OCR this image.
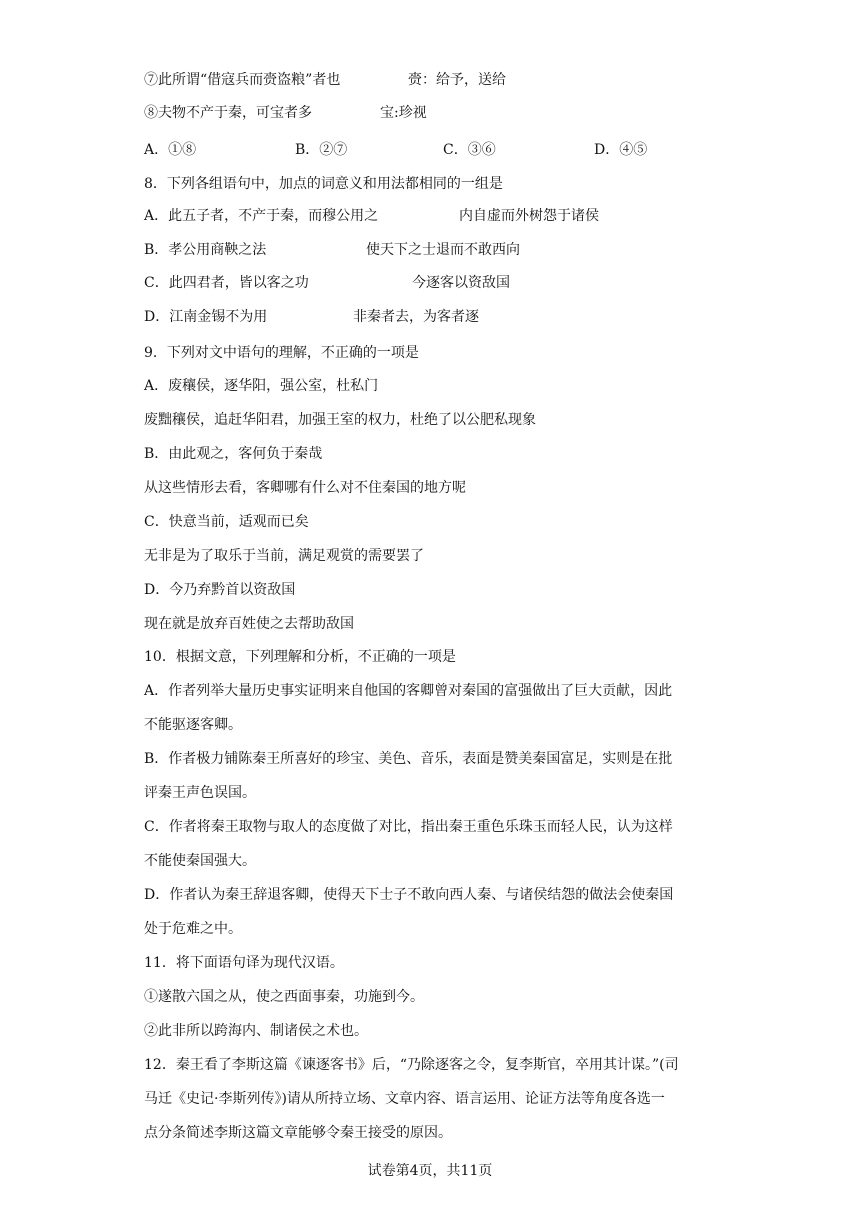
⑦此所谓“借寇兵而赍盗粮”者也	赍：给予，送给
⑧夫物不产于秦，可宝者多	宝:珍视
A．①⑧	B．②⑦	C．③⑥	D．④⑤
8．下列各组语句中，加点的词意义和用法都相同的一组是
A．此五子者，不产于秦，而穆公用之	内自虚而外树怨于诸侯
B．孝公用商鞅之法	使天下之士退而不敢西向
C．此四君者，皆以客之功	今逐客以资敌国
D．江南金锡不为用	非秦者去，为客者逐
9．下列对文中语句的理解，不正确的一项是
A．废穰侯，逐华阳，强公室，杜私门
废黜穰侯，追赶华阳君，加强王室的权力，杜绝了以公肥私现象
B．由此观之，客何负于秦哉
从这些情形去看，客卿哪有什么对不住秦国的地方呢
C．快意当前，适观而已矣
无非是为了取乐于当前，满足观赏的需要罢了
D．今乃弃黔首以资敌国
现在就是放弃百姓使之去帮助敌国
10．根据文意，下列理解和分析，不正确的一项是
A．作者列举大量历史事实证明来自他国的客卿曾对秦国的富强做出了巨大贡献，因此
不能驱逐客卿。
B．作者极力铺陈秦王所喜好的珍宝、美色、音乐，表面是赞美秦国富足，实则是在批
评秦王声色误国。
C．作者将秦王取物与取人的态度做了对比，指出秦王重色乐珠玉而轻人民，认为这样
不能使秦国强大。
D．作者认为秦王辞退客卿，使得天下士子不敢向西人秦、与诸侯结怨的做法会使秦国
处于危难之中。
11．将下面语句译为现代汉语。
①遂散六国之从，使之西面事秦，功施到今。
②此非所以跨海内、制诸侯之术也。
12．秦王看了李斯这篇《谏逐客书》后，“乃除逐客之令，复李斯官，卒用其计谋。”(司
马迁《史记·李斯列传》)请从所持立场、文章内容、语言运用、论证方法等角度各选一
点分条简述李斯这篇文章能够令秦王接受的原因。
试卷第4页，共11页
